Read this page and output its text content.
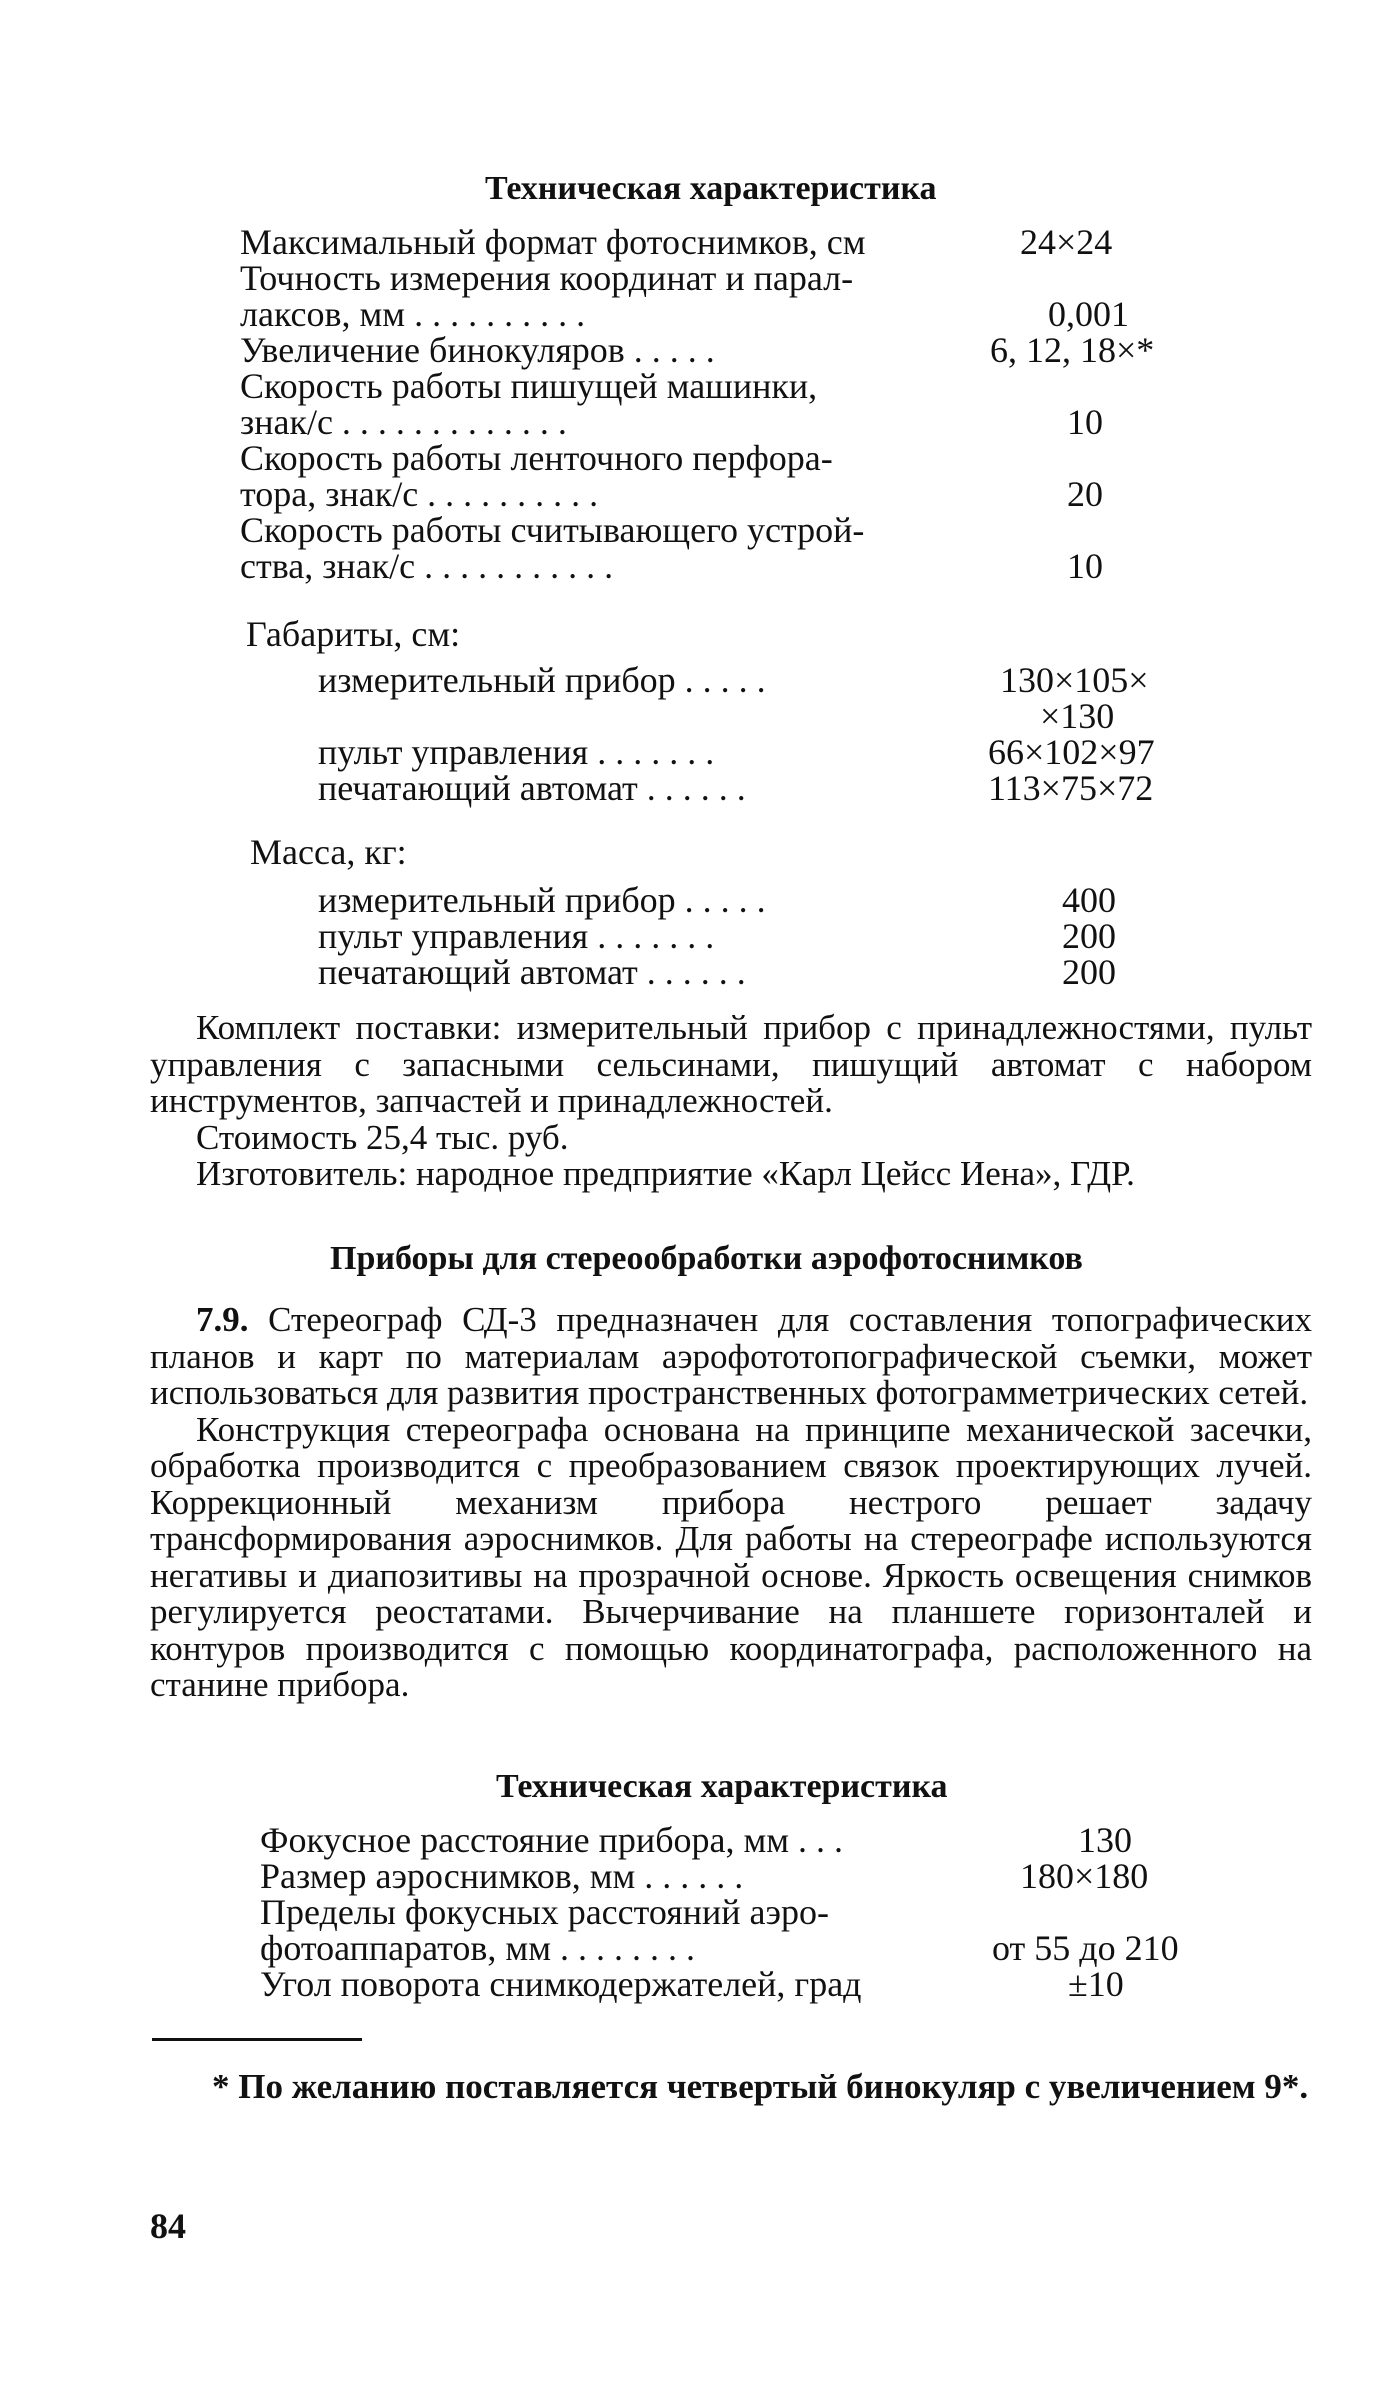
Техническая характеристика
Максимальный формат фотоснимков, см	24×24
Точность измерения координат и парал-
лаксов, мм . . . . . . . . . .	0,001
Увеличение бинокуляров . . . . .	6, 12, 18×*
Скорость работы пишущей машинки,
знак/с . . . . . . . . . . . . .	10
Скорость работы ленточного перфора-
тора, знак/с . . . . . . . . . .	20
Скорость работы считывающего устрой-
ства, знак/с . . . . . . . . . . .	10
Габариты, см:
измерительный прибор . . . . .	130×105×
×130
пульт управления . . . . . . .	66×102×97
печатающий автомат . . . . . .	113×75×72
Масса, кг:
измерительный прибор . . . . .	400
пульт управления . . . . . . .	200
печатающий автомат . . . . . .	200

Комплект поставки: измерительный прибор с принадлежностями, пульт управления с запасными сельсинами, пишущий автомат с набором инструментов, запчастей и принадлежностей.

Стоимость 25,4 тыс. руб.

Изготовитель: народное предприятие «Карл Цейсс Иена», ГДР.

Приборы для стереообработки аэрофотоснимков

7.9. Стереограф СД-3 предназначен для составления топографических планов и карт по материалам аэрофототопографической съемки, может использоваться для развития пространственных фотограмметрических сетей.

Конструкция стереографа основана на принципе механической засечки, обработка производится с преобразованием связок проектирующих лучей. Коррекционный механизм прибора нестрого решает задачу трансформирования аэроснимков. Для работы на стереографе используются негативы и диапозитивы на прозрачной основе. Яркость освещения снимков регулируется реостатами. Вычерчивание на планшете горизонталей и контуров производится с помощью координатографа, расположенного на станине прибора.

Техническая характеристика
Фокусное расстояние прибора, мм . . .	130
Размер аэроснимков, мм . . . . . .	180×180
Пределы фокусных расстояний аэро-
фотоаппаратов, мм . . . . . . . .	от 55 до 210
Угол поворота снимкодержателей, град	±10
* По желанию поставляется четвертый бинокуляр с увеличением 9*.
84
